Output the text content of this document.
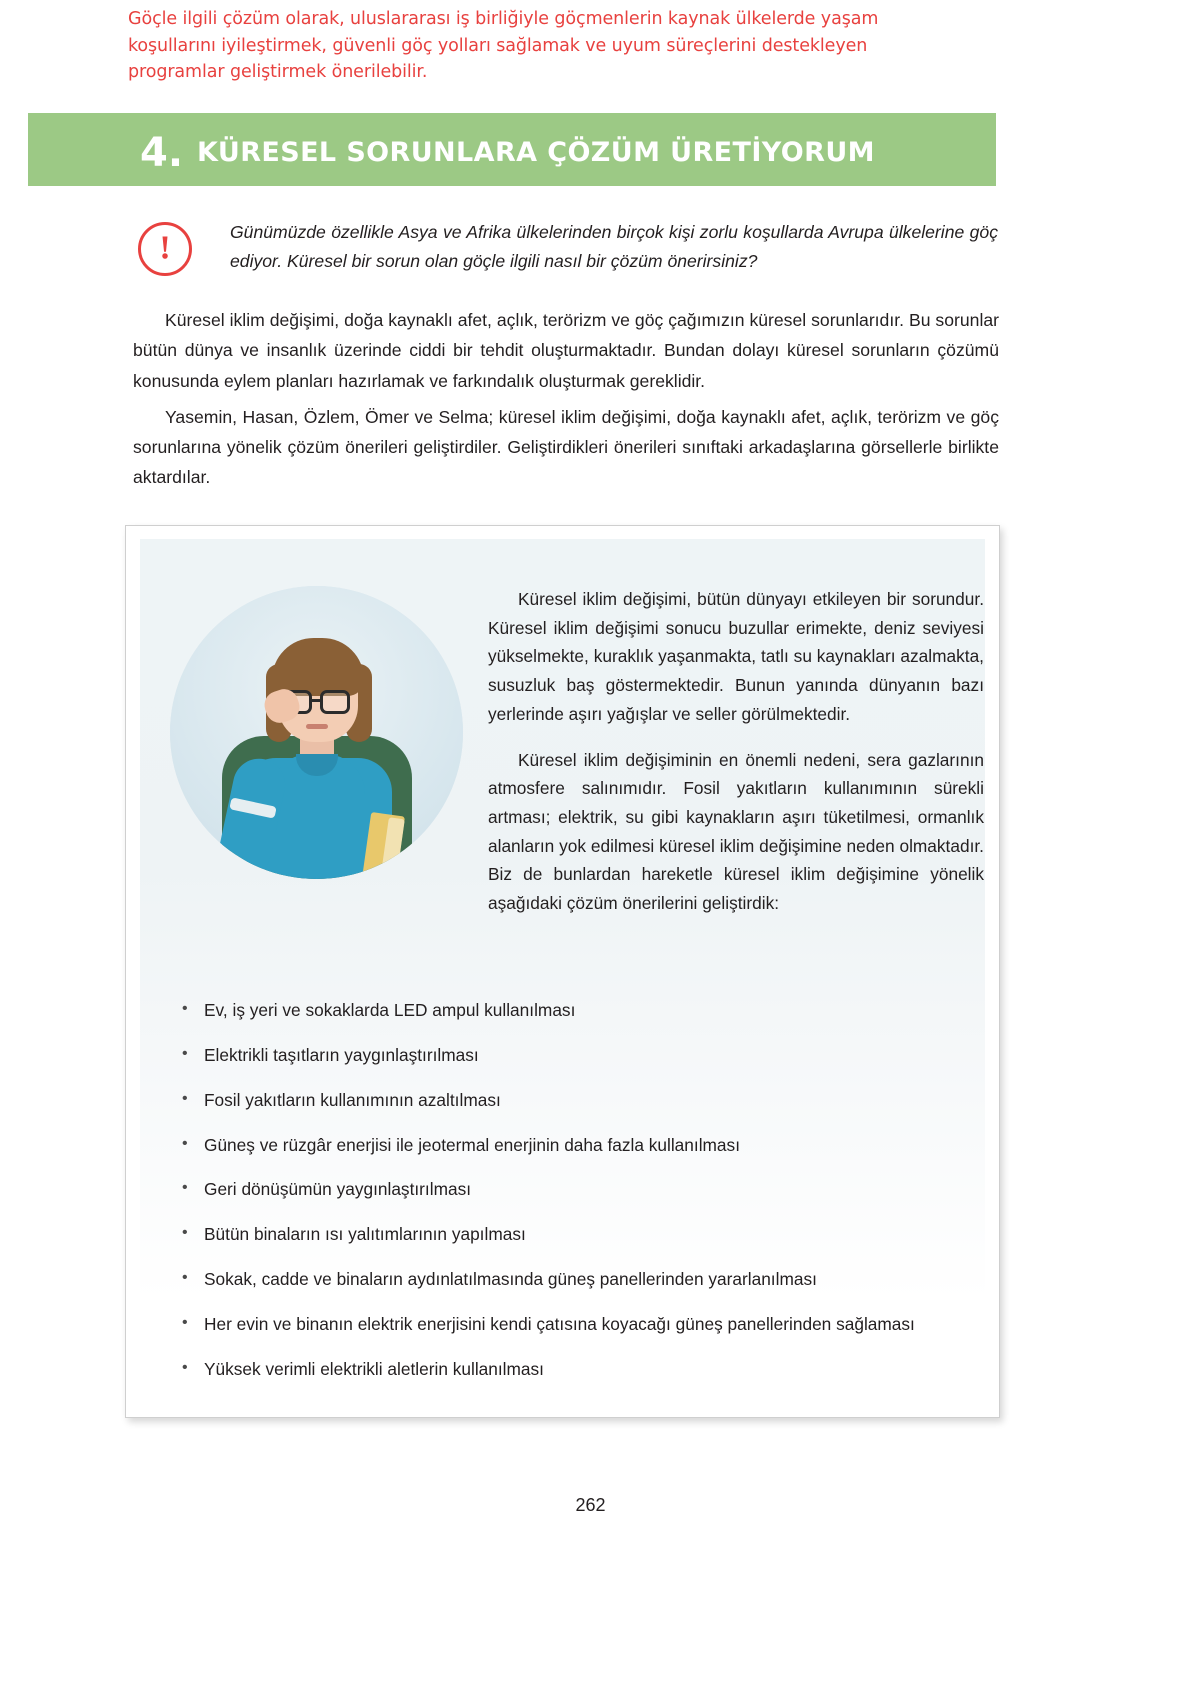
Göçle ilgili çözüm olarak, uluslararası iş birliğiyle göçmenlerin kaynak ülkelerde yaşam koşullarını iyileştirmek, güvenli göç yolları sağlamak ve uyum süreçlerini destekleyen programlar geliştirmek önerilebilir.
4. KÜRESEL SORUNLARA ÇÖZÜM ÜRETİYORUM
!
Günümüzde özellikle Asya ve Afrika ülkelerinden birçok kişi zorlu koşullarda Avrupa ülkelerine göç ediyor. Küresel bir sorun olan göçle ilgili nasıl bir çözüm önerirsiniz?

Küresel iklim değişimi, doğa kaynaklı afet, açlık, terörizm ve göç çağımızın küresel sorunlarıdır. Bu sorunlar bütün dünya ve insanlık üzerinde ciddi bir tehdit oluşturmaktadır. Bundan dolayı küresel sorunların çözümü konusunda eylem planları hazırlamak ve farkındalık oluşturmak gereklidir.

Yasemin, Hasan, Özlem, Ömer ve Selma; küresel iklim değişimi, doğa kaynaklı afet, açlık, terörizm ve göç sorunlarına yönelik çözüm önerileri geliştirdiler. Geliştirdikleri önerileri sınıftaki arkadaşlarına görsellerle birlikte aktardılar.

Küresel iklim değişimi, bütün dünyayı etkileyen bir sorundur. Küresel iklim değişimi sonucu buzullar erimekte, deniz seviyesi yükselmekte, kuraklık yaşanmakta, tatlı su kaynakları azalmakta, susuzluk baş göstermektedir. Bunun yanında dünyanın bazı yerlerinde aşırı yağışlar ve seller görülmektedir.

Küresel iklim değişiminin en önemli nedeni, sera gazlarının atmosfere salınımıdır. Fosil yakıtların kullanımının sürekli artması; elektrik, su gibi kaynakların aşırı tüketilmesi, ormanlık alanların yok edilmesi küresel iklim değişimine neden olmaktadır. Biz de bunlardan hareketle küresel iklim değişimine yönelik aşağıdaki çözüm önerilerini geliştirdik:

• Ev, iş yeri ve sokaklarda LED ampul kullanılması
• Elektrikli taşıtların yaygınlaştırılması
• Fosil yakıtların kullanımının azaltılması
• Güneş ve rüzgâr enerjisi ile jeotermal enerjinin daha fazla kullanılması
• Geri dönüşümün yaygınlaştırılması
• Bütün binaların ısı yalıtımlarının yapılması
• Sokak, cadde ve binaların aydınlatılmasında güneş panellerinden yararlanılması
• Her evin ve binanın elektrik enerjisini kendi çatısına koyacağı güneş panellerinden sağlaması
• Yüksek verimli elektrikli aletlerin kullanılması
262
